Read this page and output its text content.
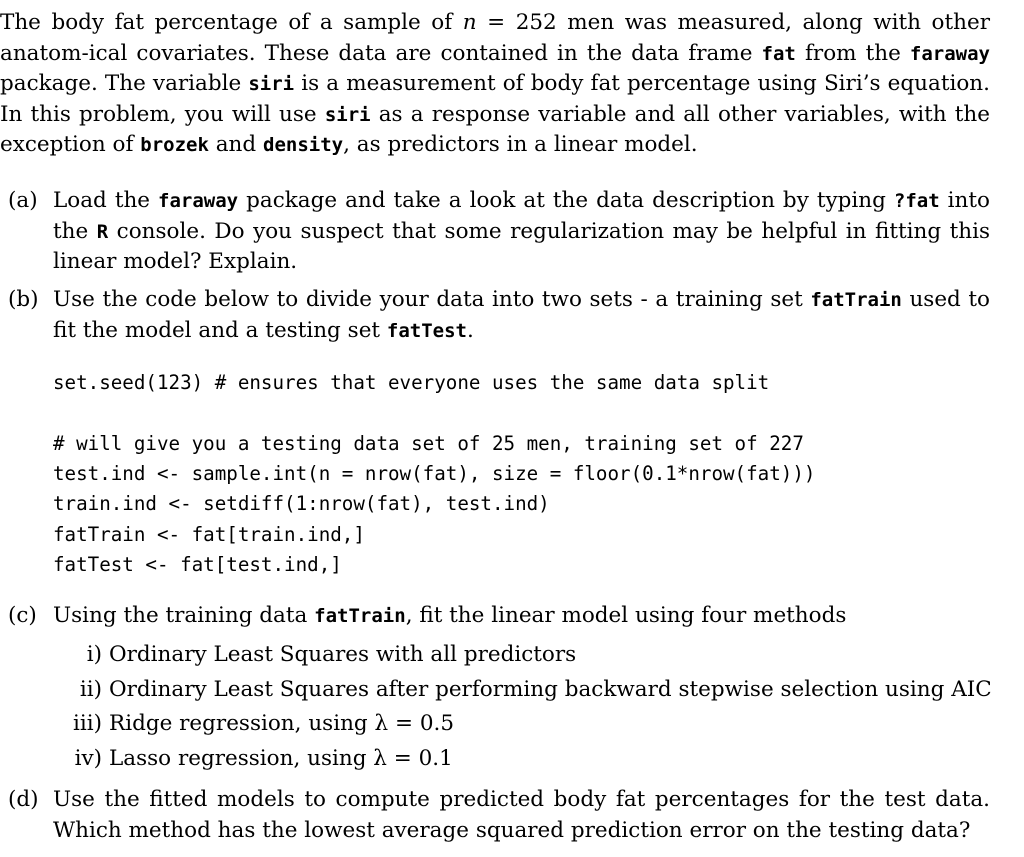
The body fat percentage of a sample of n = 252 men was measured, along with other anatom-ical covariates. These data are contained in the data frame fat from the faraway package. The variable siri is a measurement of body fat percentage using Siri’s equation. In this problem, you will use siri as a response variable and all other variables, with the exception of brozek and density, as predictors in a linear model.

(a) Load the faraway package and take a look at the data description by typing ?fat into the R console. Do you suspect that some regularization may be helpful in fitting this linear model? Explain.
(b) Use the code below to divide your data into two sets - a training set fatTrain used to fit the model and a testing set fatTest.
set.seed(123) # ensures that everyone uses the same data split
# will give you a testing data set of 25 men, training set of 227
test.ind <- sample.int(n = nrow(fat), size = floor(0.1*nrow(fat)))
train.ind <- setdiff(1:nrow(fat), test.ind)
fatTrain <- fat[train.ind,]
fatTest <- fat[test.ind,]
(c) Using the training data fatTrain, fit the linear model using four methods
i) Ordinary Least Squares with all predictors
ii) Ordinary Least Squares after performing backward stepwise selection using AIC
iii) Ridge regression, using λ = 0.5
iv) Lasso regression, using λ = 0.1
(d) Use the fitted models to compute predicted body fat percentages for the test data. Which method has the lowest average squared prediction error on the testing data?
